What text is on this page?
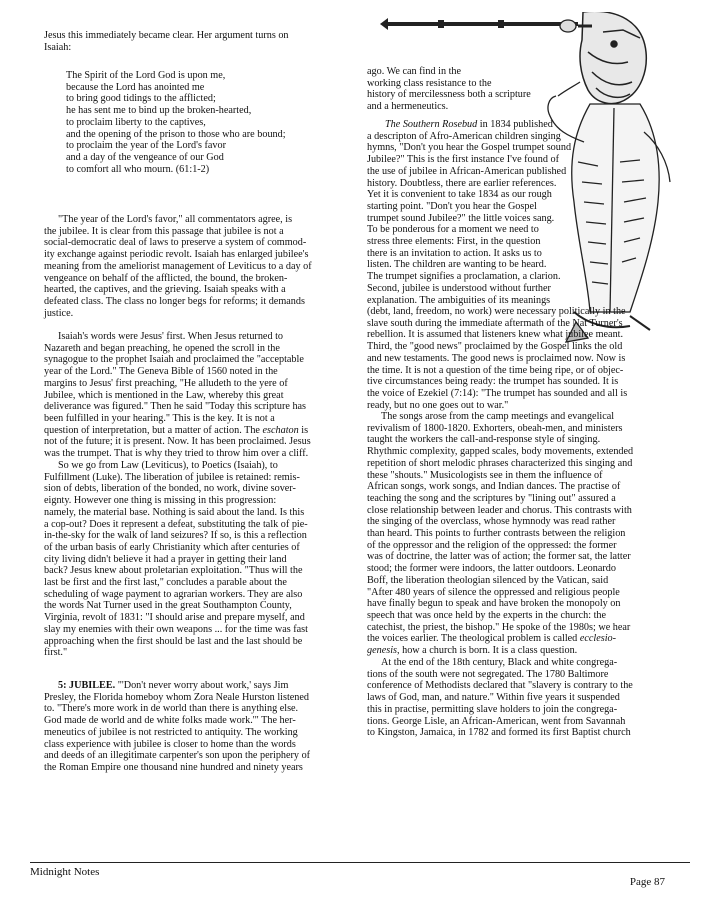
Jesus this immediately became clear. Her argument turns on
Isaiah:
The Spirit of the Lord God is upon me,
because the Lord has anointed me
to bring good tidings to the afflicted;
he has sent me to bind up the broken-hearted,
to proclaim liberty to the captives,
and the opening of the prison to those who are bound;
to proclaim the year of the Lord's favor
and a day of the vengeance of our God
to comfort all who mourn. (61:1-2)
"The year of the Lord's favor," all commentators agree, is
the jubilee. It is clear from this passage that jubilee is not a
social-democratic deal of laws to preserve a system of commod-
ity exchange against periodic revolt. Isaiah has enlarged jubilee's
meaning from the ameliorist management of Leviticus to a day of
vengeance on behalf of the afflicted, the bound, the broken-
hearted, the captives, and the grieving. Isaiah speaks with a
defeated class. The class no longer begs for reforms; it demands
justice.
Isaiah's words were Jesus' first. When Jesus returned to
Nazareth and began preaching, he opened the scroll in the
synagogue to the prophet Isaiah and proclaimed the "acceptable
year of the Lord." The Geneva Bible of 1560 noted in the
margins to Jesus' first preaching, "He alludeth to the yere of
Jubilee, which is mentioned in the Law, whereby this great
deliverance was figured." Then he said "Today this scripture has
been fulfilled in your hearing." This is the key. It is not a
question of interpretation, but a matter of action. The eschaton is
not of the future; it is present. Now. It has been proclaimed. Jesus
was the trumpet. That is why they tried to throw him over a cliff.
So we go from Law (Leviticus), to Poetics (Isaiah), to
Fulfillment (Luke). The liberation of jubilee is retained: remis-
sion of debts, liberation of the bonded, no work, divine sover-
eignty. However one thing is missing in this progression:
namely, the material base. Nothing is said about the land. Is this
a cop-out? Does it represent a defeat, substituting the talk of pie-
in-the-sky for the walk of land seizures? If so, is this a reflection
of the urban basis of early Christianity which after centuries of
city living didn't believe it had a prayer in getting their land
back? Jesus knew about proletarian exploitation. "Thus will the
last be first and the first last," concludes a parable about the
scheduling of wage payment to agrarian workers. They are also
the words Nat Turner used in the great Southampton County,
Virginia, revolt of 1831: "I should arise and prepare myself, and
slay my enemies with their own weapons ... for the time was fast
approaching when the first should be last and the last should be
first."
5: JUBILEE. "'Don't never worry about work,' says Jim
Presley, the Florida homeboy whom Zora Neale Hurston listened
to. "There's more work in de world than there is anything else.
God made de world and de white folks made work.'" The her-
meneutics of jubilee is not restricted to antiquity. The working
class experience with jubilee is closer to home than the words
and deeds of an illegitimate carpenter's son upon the periphery of
the Roman Empire one thousand nine hundred and ninety years
ago. We can find in the
working class resistance to the
history of mercilessness both a scripture
and a hermeneutics.
The Southern Rosebud in 1834 published
a descripton of Afro-American children singing
hymns, "Don't you hear the Gospel trumpet sound
Jubilee?" This is the first instance I've found of
the use of jubilee in African-American published
history. Doubtless, there are earlier references.
Yet it is convenient to take 1834 as our rough
starting point. "Don't you hear the Gospel
trumpet sound Jubilee?" the little voices sang.
To be ponderous for a moment we need to
stress three elements: First, in the question
there is an invitation to action. It asks us to
listen. The children are wanting to be heard.
The trumpet signifies a proclamation, a clarion.
Second, jubilee is understood without further
explanation. The ambiguities of its meanings
(debt, land, freedom, no work) were necessary politically in the
slave south during the immediate aftermath of the Nat Turner's
rebellion. It is assumed that listeners knew what jubilee meant.
Third, the "good news" proclaimed by the Gospel links the old
and new testaments. The good news is proclaimed now. Now is
the time. It is not a question of the time being ripe, or of objec-
tive circumstances being ready: the trumpet has sounded. It is
the voice of Ezekiel (7:14): "The trumpet has sounded and all is
ready, but no one goes out to war."
The songs arose from the camp meetings and evangelical
revivalism of 1800-1820. Exhorters, obeah-men, and ministers
taught the workers the call-and-response style of singing.
Rhythmic complexity, gapped scales, body movements, extended
repetition of short melodic phrases characterized this singing and
these "shouts." Musicologists see in them the influence of
African songs, work songs, and Indian dances. The practise of
teaching the song and the scriptures by "lining out" assured a
close relationship between leader and chorus. This contrasts with
the singing of the overclass, whose hymnody was read rather
than heard. This points to further contrasts between the religion
of the oppressor and the religion of the oppressed: the former
was of doctrine, the latter was of action; the former sat, the latter
stood; the former were indoors, the latter outdoors. Leonardo
Boff, the liberation theologian silenced by the Vatican, said
"After 480 years of silence the oppressed and religious people
have finally begun to speak and have broken the monopoly on
speech that was once held by the experts in the church: the
catechist, the priest, the bishop." He spoke of the 1980s; we hear
the voices earlier. The theological problem is called ecclesio-
genesis, how a church is born. It is a class question.
At the end of the 18th century, Black and white congrega-
tions of the south were not segregated. The 1780 Baltimore
conference of Methodists declared that "slavery is contrary to the
laws of God, man, and nature." Within five years it suspended
this in practise, permitting slave holders to join the congrega-
tions. George Lisle, an African-American, went from Savannah
to Kingston, Jamaica, in 1782 and formed its first Baptist church
Midnight Notes
Page 87
